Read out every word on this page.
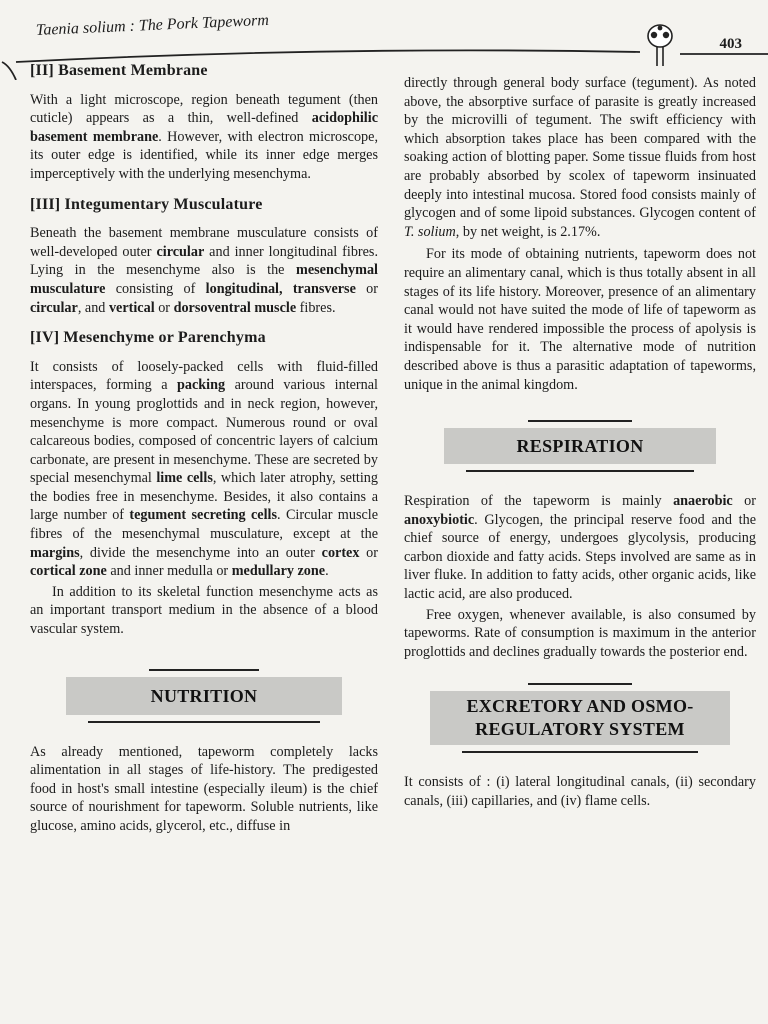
Taenia solium : The Pork Tapeworm
403
[II] Basement Membrane

With a light microscope, region beneath tegument (then cuticle) appears as a thin, well-defined acidophilic basement membrane. However, with electron microscope, its outer edge is identified, while its inner edge merges imperceptively with the underlying mesenchyma.

[III] Integumentary Musculature

Beneath the basement membrane musculature consists of well-developed outer circular and inner longitudinal fibres. Lying in the mesenchyme also is the mesenchymal musculature consisting of longitudinal, transverse or circular, and vertical or dorsoventral muscle fibres.

[IV] Mesenchyme or Parenchyma

It consists of loosely-packed cells with fluid-filled interspaces, forming a packing around various internal organs. In young proglottids and in neck region, however, mesenchyme is more compact. Numerous round or oval calcareous bodies, composed of concentric layers of calcium carbonate, are present in mesenchyme. These are secreted by special mesenchymal lime cells, which later atrophy, setting the bodies free in mesenchyme. Besides, it also contains a large number of tegument secreting cells. Circular muscle fibres of the mesenchymal musculature, except at the margins, divide the mesenchyme into an outer cortex or cortical zone and inner medulla or medullary zone.

In addition to its skeletal function mesenchyme acts as an important transport medium in the absence of a blood vascular system.

NUTRITION

As already mentioned, tapeworm completely lacks alimentation in all stages of life-history. The predigested food in host's small intestine (especially ileum) is the chief source of nourishment for tapeworm. Soluble nutrients, like glucose, amino acids, glycerol, etc., diffuse in

directly through general body surface (tegument). As noted above, the absorptive surface of parasite is greatly increased by the microvilli of tegument. The swift efficiency with which absorption takes place has been compared with the soaking action of blotting paper. Some tissue fluids from host are probably absorbed by scolex of tapeworm insinuated deeply into intestinal mucosa. Stored food consists mainly of glycogen and of some lipoid substances. Glycogen content of T. solium, by net weight, is 2.17%.

For its mode of obtaining nutrients, tapeworm does not require an alimentary canal, which is thus totally absent in all stages of its life history. Moreover, presence of an alimentary canal would not have suited the mode of life of tapeworm as it would have rendered impossible the process of apolysis is indispensable for it. The alternative mode of nutrition described above is thus a parasitic adaptation of tapeworms, unique in the animal kingdom.

RESPIRATION

Respiration of the tapeworm is mainly anaerobic or anoxybiotic. Glycogen, the principal reserve food and the chief source of energy, undergoes glycolysis, producing carbon dioxide and fatty acids. Steps involved are same as in liver fluke. In addition to fatty acids, other organic acids, like lactic acid, are also produced.

Free oxygen, whenever available, is also consumed by tapeworms. Rate of consumption is maximum in the anterior proglottids and declines gradually towards the posterior end.

EXCRETORY AND OSMO-
REGULATORY SYSTEM

It consists of : (i) lateral longitudinal canals, (ii) secondary canals, (iii) capillaries, and (iv) flame cells.
